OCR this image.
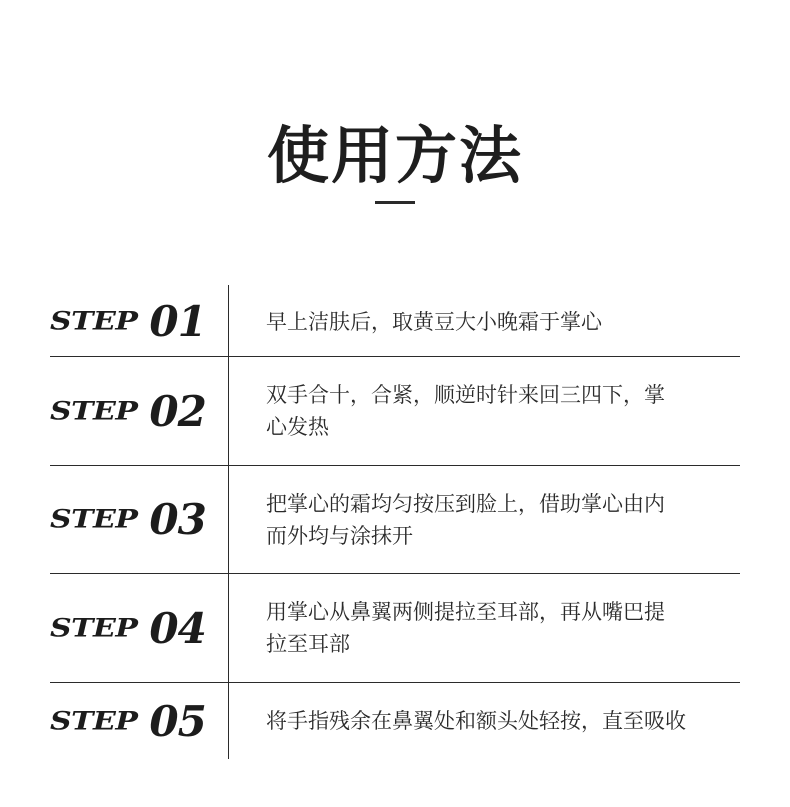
使用方法
STEP 01	早上洁肤后，取黄豆大小晚霜于掌心
STEP 02	双手合十，合紧，顺逆时针来回三四下，掌
心发热
STEP 03	把掌心的霜均匀按压到脸上，借助掌心由内
而外均与涂抹开
STEP 04	用掌心从鼻翼两侧提拉至耳部，再从嘴巴提
拉至耳部
STEP 05	将手指残余在鼻翼处和额头处轻按，直至吸收
